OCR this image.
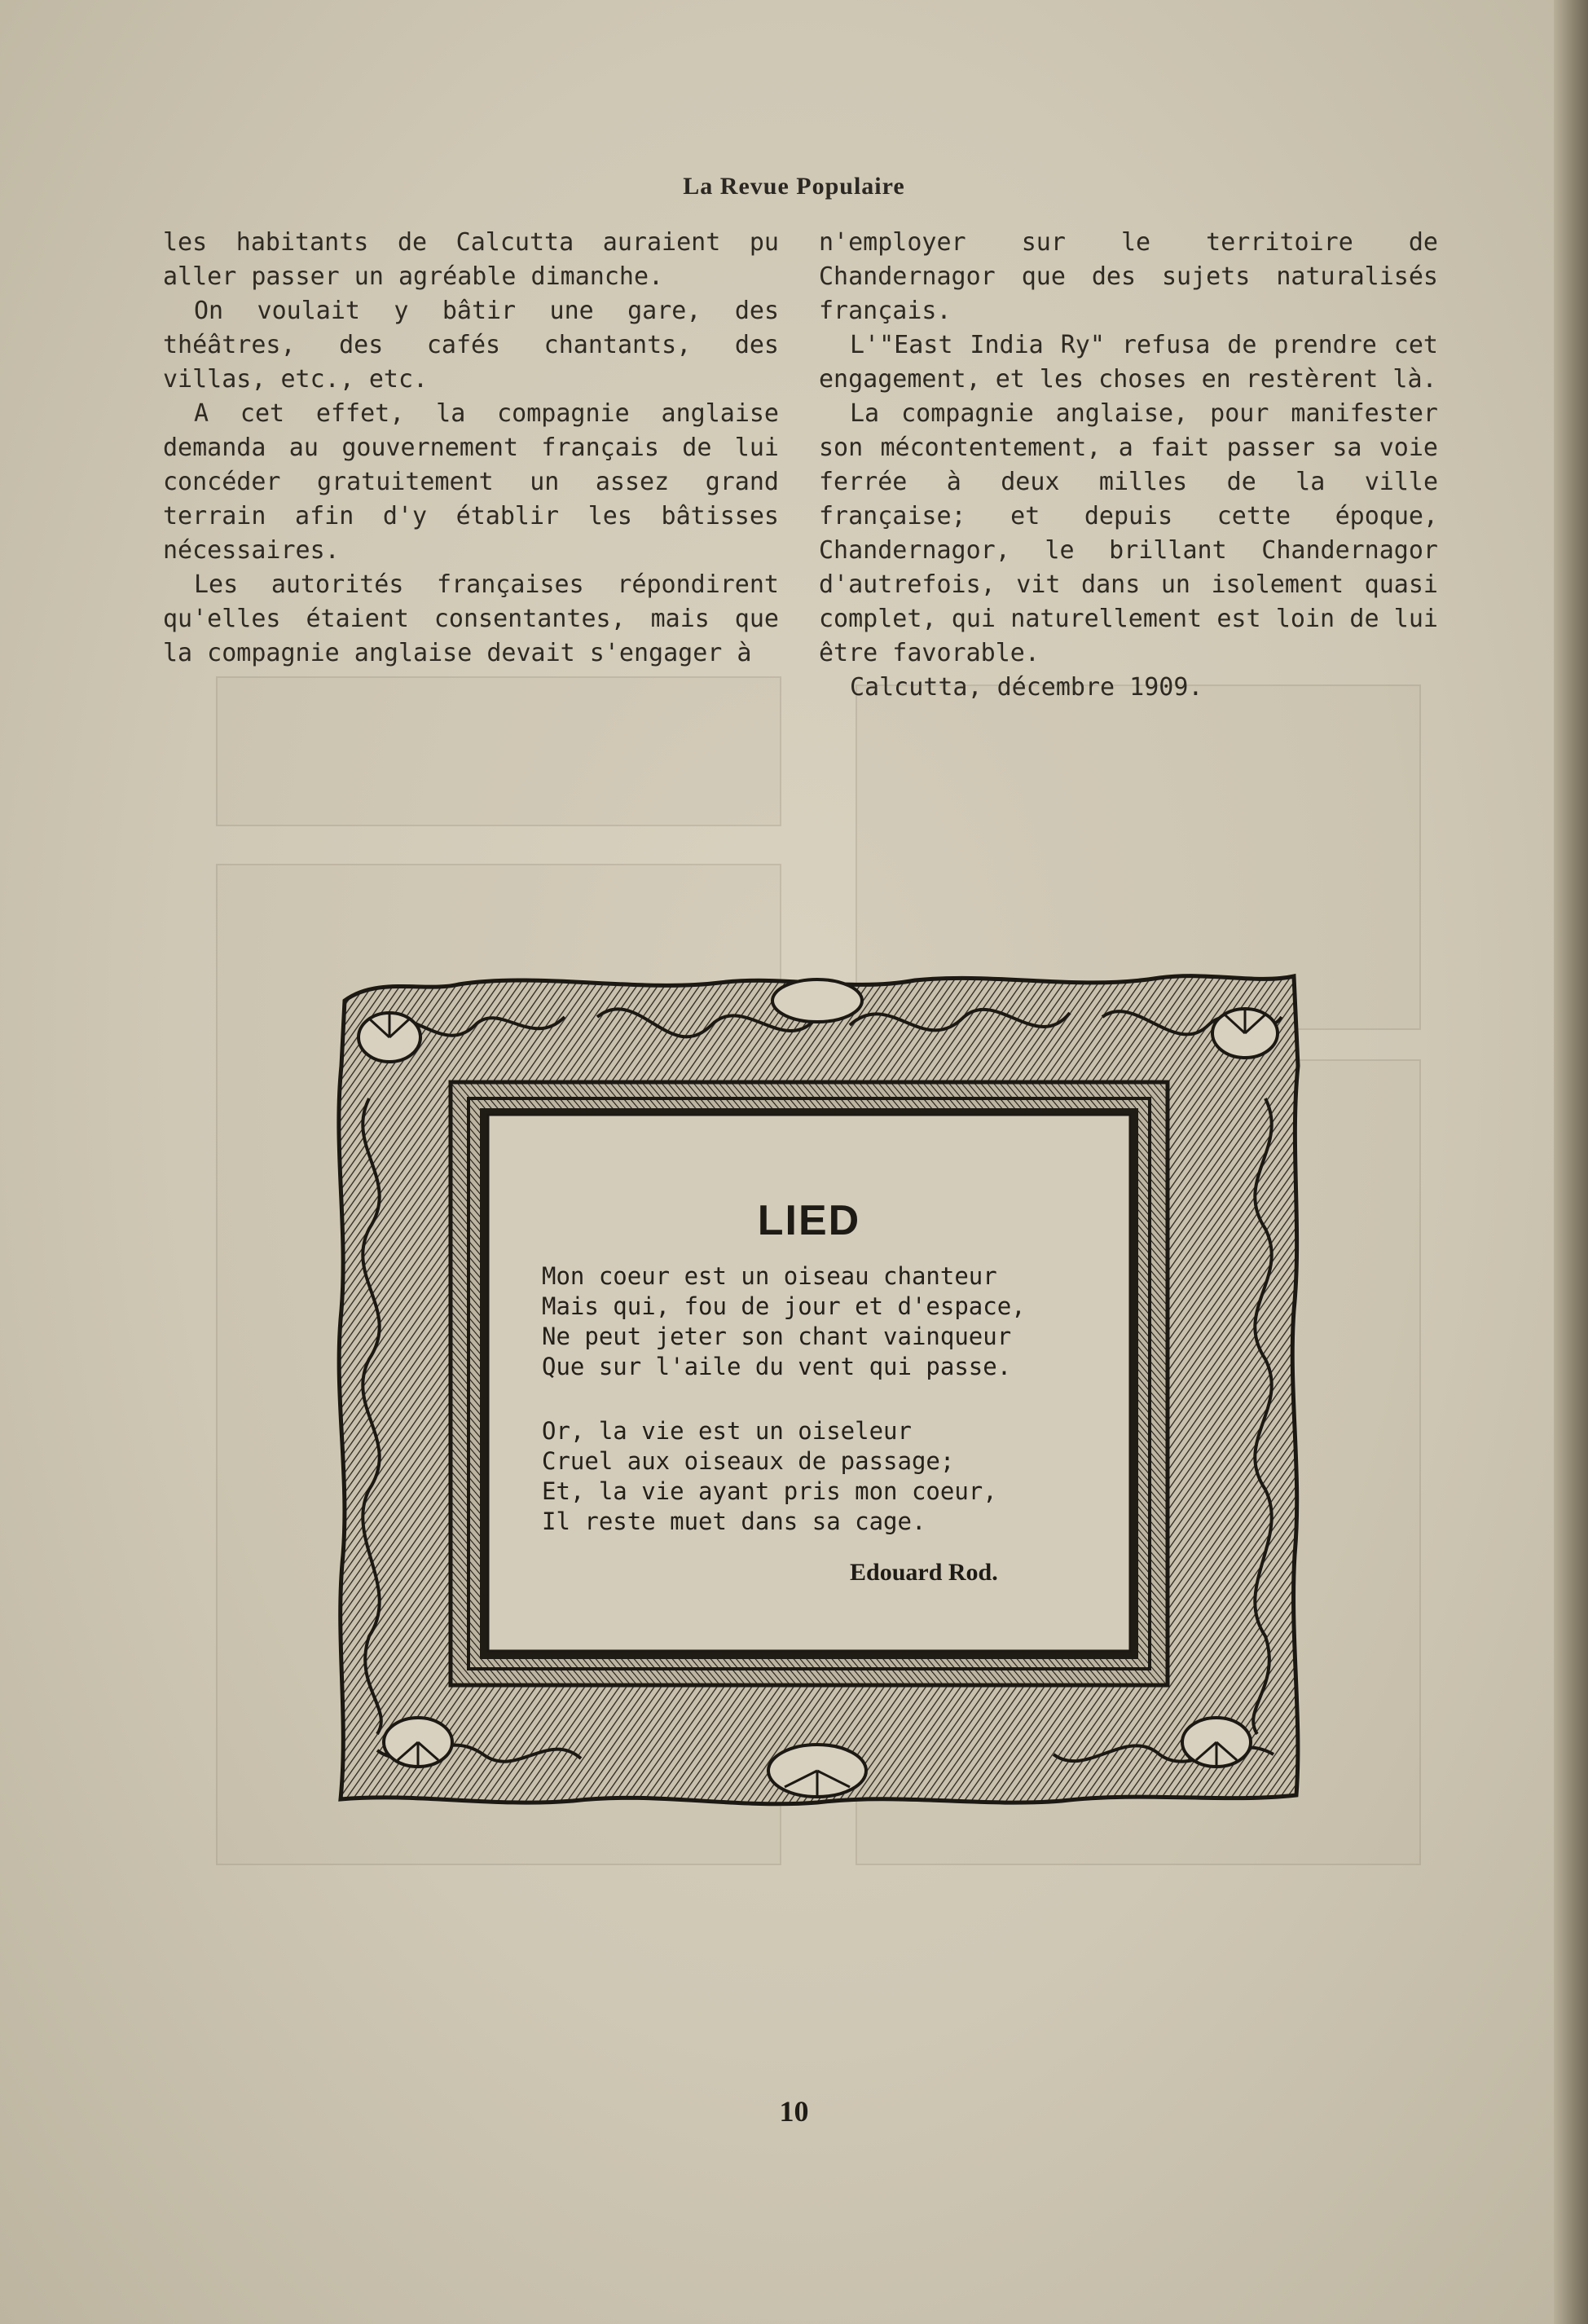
La Revue Populaire

les habitants de Calcutta auraient pu aller passer un agréable dimanche.

On voulait y bâtir une gare, des théâtres, des cafés chantants, des villas, etc., etc.

A cet effet, la compagnie anglaise demanda au gouvernement français de lui concéder gratuitement un assez grand terrain afin d'y établir les bâtisses nécessaires.

Les autorités françaises répondirent qu'elles étaient consentantes, mais que la compagnie anglaise devait s'engager à

n'employer sur le territoire de Chandernagor que des sujets naturalisés français.

L'"East India Ry" refusa de prendre cet engagement, et les choses en restèrent là.

La compagnie anglaise, pour manifester son mécontentement, a fait passer sa voie ferrée à deux milles de la ville française; et depuis cette époque, Chandernagor, le brillant Chandernagor d'autrefois, vit dans un isolement quasi complet, qui naturellement est loin de lui être favorable.

Calcutta, décembre 1909.

LIED
Mon coeur est un oiseau chanteur
Mais qui, fou de jour et d'espace,
Ne peut jeter son chant vainqueur
Que sur l'aile du vent qui passe.
Or, la vie est un oiseleur
Cruel aux oiseaux de passage;
Et, la vie ayant pris mon coeur,
Il reste muet dans sa cage.
Edouard Rod.
10
